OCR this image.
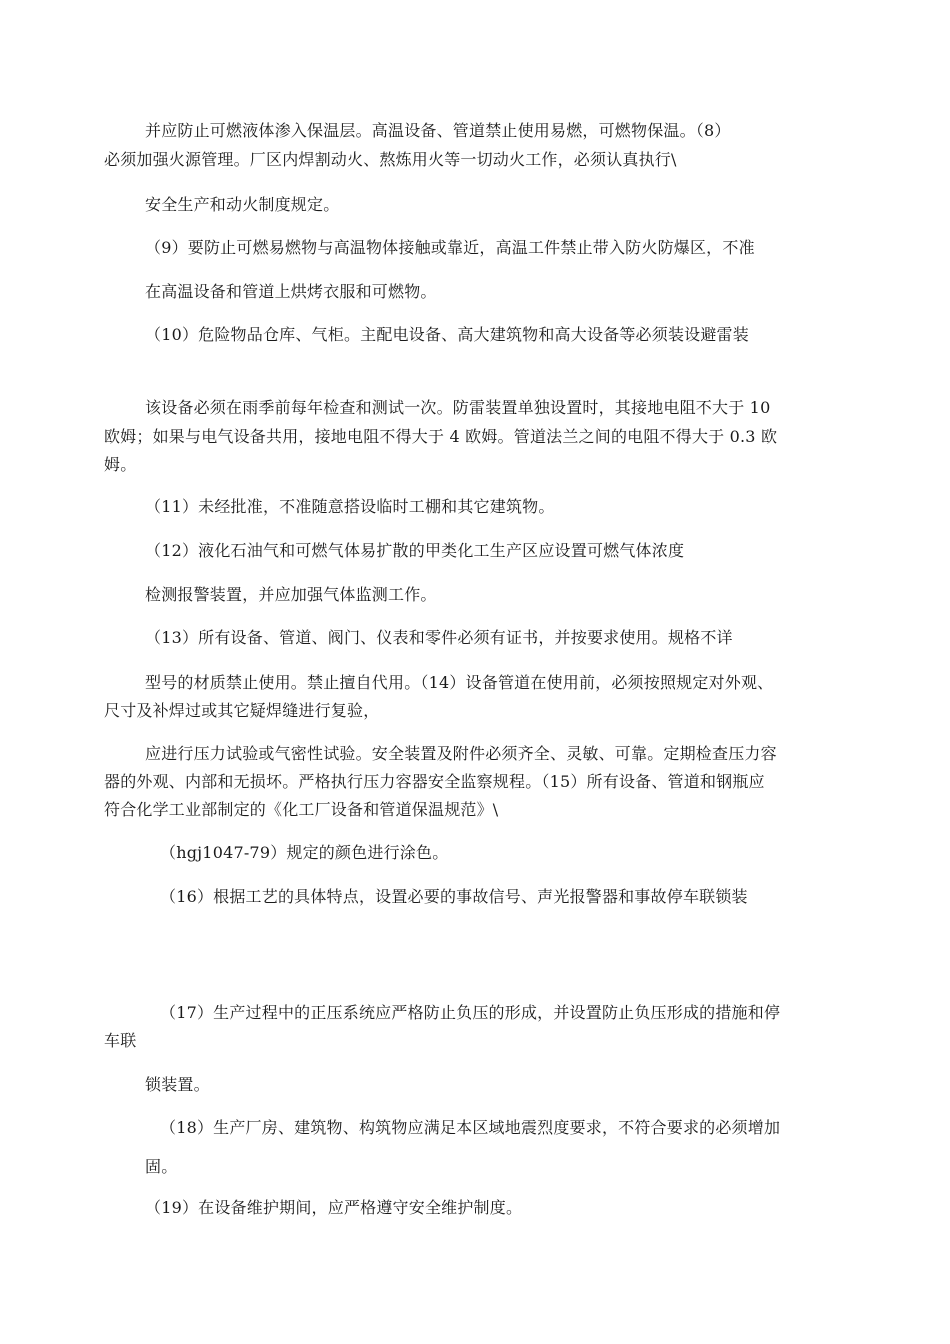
并应防止可燃液体渗入保温层。高温设备、管道禁止使用易燃，可燃物保温。（8）
必须加强火源管理。厂区内焊割动火、熬炼用火等一切动火工作，必须认真执行\
安全生产和动火制度规定。
（9）要防止可燃易燃物与高温物体接触或靠近，高温工件禁止带入防火防爆区，不准
在高温设备和管道上烘烤衣服和可燃物。
（10）危险物品仓库、气柜。主配电设备、高大建筑物和高大设备等必须装设避雷装
该设备必须在雨季前每年检查和测试一次。防雷装置单独设置时，其接地电阻不大于 10
欧姆；如果与电气设备共用，接地电阻不得大于 4 欧姆。管道法兰之间的电阻不得大于 0.3 欧
姆。
（11）未经批准，不准随意搭设临时工棚和其它建筑物。
（12）液化石油气和可燃气体易扩散的甲类化工生产区应设置可燃气体浓度
检测报警装置，并应加强气体监测工作。
（13）所有设备、管道、阀门、仪表和零件必须有证书，并按要求使用。规格不详
型号的材质禁止使用。禁止擅自代用。（14）设备管道在使用前，必须按照规定对外观、
尺寸及补焊过或其它疑焊缝进行复验，
应进行压力试验或气密性试验。安全装置及附件必须齐全、灵敏、可靠。定期检查压力容
器的外观、内部和无损坏。严格执行压力容器安全监察规程。（15）所有设备、管道和钢瓶应
符合化学工业部制定的《化工厂设备和管道保温规范》\
（hgj1047-79）规定的颜色进行涂色。
（16）根据工艺的具体特点，设置必要的事故信号、声光报警器和事故停车联锁装
（17）生产过程中的正压系统应严格防止负压的形成，并设置防止负压形成的措施和停
车联
锁装置。
（18）生产厂房、建筑物、构筑物应满足本区域地震烈度要求，不符合要求的必须增加
固。
（19）在设备维护期间，应严格遵守安全维护制度。
